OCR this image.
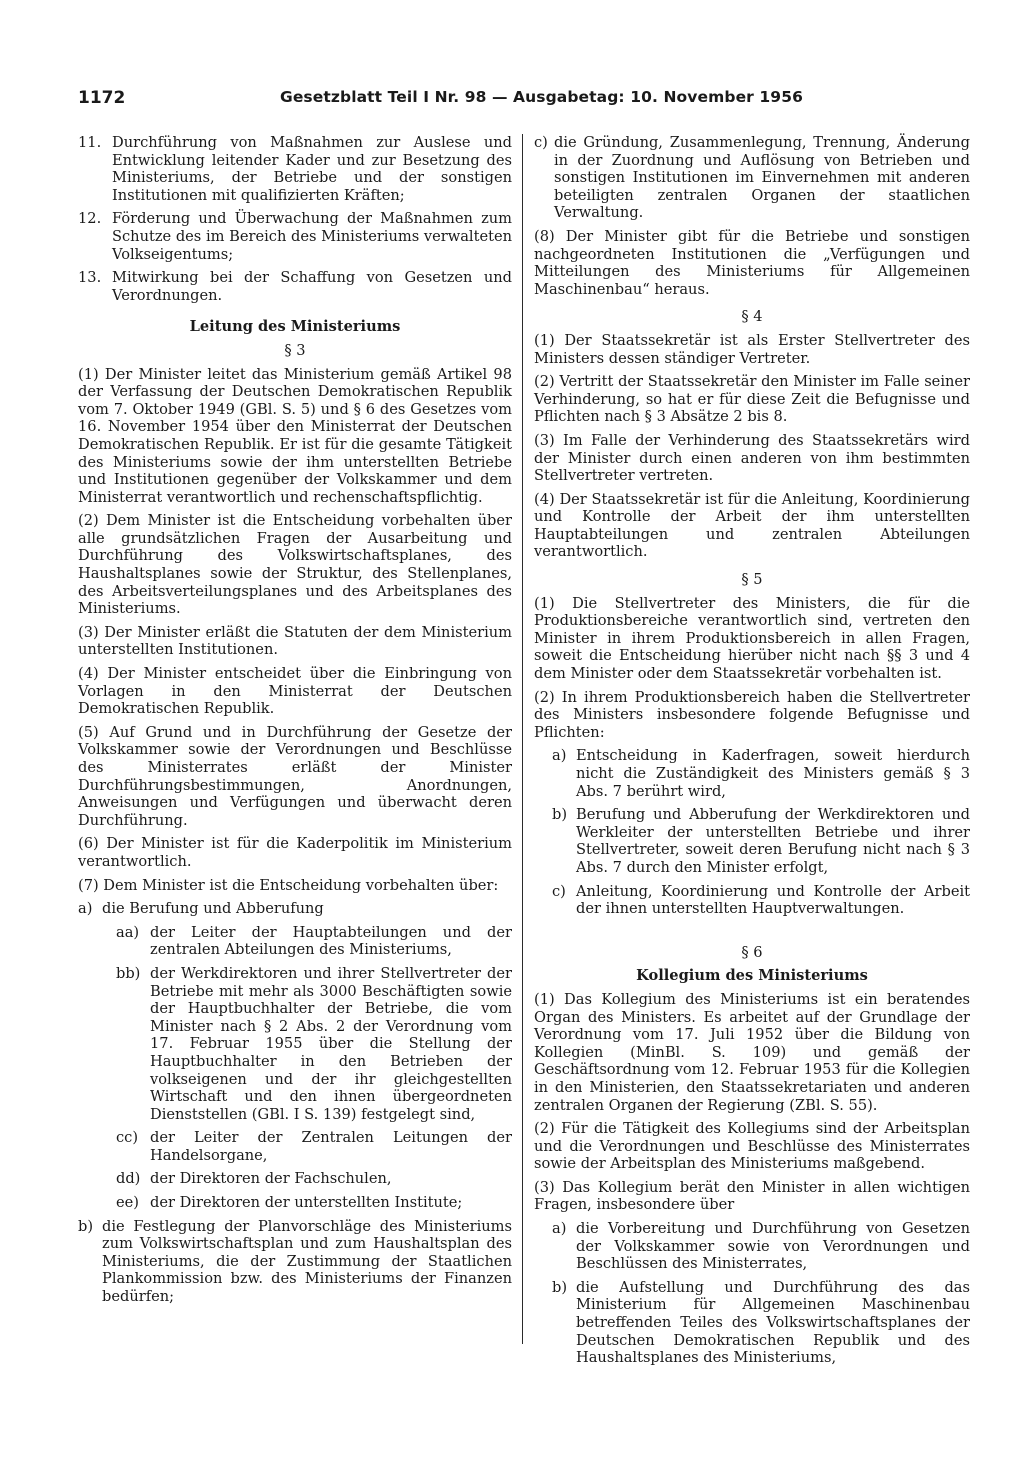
1172	Gesetzblatt Teil I Nr. 98 — Ausgabetag: 10. November 1956
11. Durchführung von Maßnahmen zur Auslese und Entwicklung leitender Kader und zur Besetzung des Ministeriums, der Betriebe und der sonstigen Institutionen mit qualifizierten Kräften;
12. Förderung und Überwachung der Maßnahmen zum Schutze des im Bereich des Ministeriums verwalteten Volkseigentums;
13. Mitwirkung bei der Schaffung von Gesetzen und Verordnungen.
Leitung des Ministeriums
§ 3

(1) Der Minister leitet das Ministerium gemäß Artikel 98 der Verfassung der Deutschen Demokratischen Republik vom 7. Oktober 1949 (GBl. S. 5) und § 6 des Gesetzes vom 16. November 1954 über den Ministerrat der Deutschen Demokratischen Republik. Er ist für die gesamte Tätigkeit des Ministeriums sowie der ihm unterstellten Betriebe und Institutionen gegenüber der Volkskammer und dem Ministerrat verantwortlich und rechenschaftspflichtig.

(2) Dem Minister ist die Entscheidung vorbehalten über alle grundsätzlichen Fragen der Ausarbeitung und Durchführung des Volkswirtschaftsplanes, des Haushaltsplanes sowie der Struktur, des Stellenplanes, des Arbeitsverteilungsplanes und des Arbeitsplanes des Ministeriums.

(3) Der Minister erläßt die Statuten der dem Ministerium unterstellten Institutionen.

(4) Der Minister entscheidet über die Einbringung von Vorlagen in den Ministerrat der Deutschen Demokratischen Republik.

(5) Auf Grund und in Durchführung der Gesetze der Volkskammer sowie der Verordnungen und Beschlüsse des Ministerrates erläßt der Minister Durchführungsbestimmungen, Anordnungen, Anweisungen und Verfügungen und überwacht deren Durchführung.

(6) Der Minister ist für die Kaderpolitik im Ministerium verantwortlich.

(7) Dem Minister ist die Entscheidung vorbehalten über:

a) die Berufung und Abberufung
aa) der Leiter der Hauptabteilungen und der zentralen Abteilungen des Ministeriums,
bb) der Werkdirektoren und ihrer Stellvertreter der Betriebe mit mehr als 3000 Beschäftigten sowie der Hauptbuchhalter der Betriebe, die vom Minister nach § 2 Abs. 2 der Verordnung vom 17. Februar 1955 über die Stellung der Hauptbuchhalter in den Betrieben der volkseigenen und der ihr gleichgestellten Wirtschaft und den ihnen übergeordneten Dienststellen (GBl. I S. 139) festgelegt sind,
cc) der Leiter der Zentralen Leitungen der Handelsorgane,
dd) der Direktoren der Fachschulen,
ee) der Direktoren der unterstellten Institute;
b) die Festlegung der Planvorschläge des Ministeriums zum Volkswirtschaftsplan und zum Haushaltsplan des Ministeriums, die der Zustimmung der Staatlichen Plankommission bzw. des Ministeriums der Finanzen bedürfen;
c) die Gründung, Zusammenlegung, Trennung, Änderung in der Zuordnung und Auflösung von Betrieben und sonstigen Institutionen im Einvernehmen mit anderen beteiligten zentralen Organen der staatlichen Verwaltung.

(8) Der Minister gibt für die Betriebe und sonstigen nachgeordneten Institutionen die „Verfügungen und Mitteilungen des Ministeriums für Allgemeinen Maschinenbau“ heraus.

§ 4

(1) Der Staatssekretär ist als Erster Stellvertreter des Ministers dessen ständiger Vertreter.

(2) Vertritt der Staatssekretär den Minister im Falle seiner Verhinderung, so hat er für diese Zeit die Befugnisse und Pflichten nach § 3 Absätze 2 bis 8.

(3) Im Falle der Verhinderung des Staatssekretärs wird der Minister durch einen anderen von ihm bestimmten Stellvertreter vertreten.

(4) Der Staatssekretär ist für die Anleitung, Koordinierung und Kontrolle der Arbeit der ihm unterstellten Hauptabteilungen und zentralen Abteilungen verantwortlich.

§ 5

(1) Die Stellvertreter des Ministers, die für die Produktionsbereiche verantwortlich sind, vertreten den Minister in ihrem Produktionsbereich in allen Fragen, soweit die Entscheidung hierüber nicht nach §§ 3 und 4 dem Minister oder dem Staatssekretär vorbehalten ist.

(2) In ihrem Produktionsbereich haben die Stellvertreter des Ministers insbesondere folgende Befugnisse und Pflichten:

a) Entscheidung in Kaderfragen, soweit hierdurch nicht die Zuständigkeit des Ministers gemäß § 3 Abs. 7 berührt wird,
b) Berufung und Abberufung der Werkdirektoren und Werkleiter der unterstellten Betriebe und ihrer Stellvertreter, soweit deren Berufung nicht nach § 3 Abs. 7 durch den Minister erfolgt,
c) Anleitung, Koordinierung und Kontrolle der Arbeit der ihnen unterstellten Hauptverwaltungen.
§ 6
Kollegium des Ministeriums

(1) Das Kollegium des Ministeriums ist ein beratendes Organ des Ministers. Es arbeitet auf der Grundlage der Verordnung vom 17. Juli 1952 über die Bildung von Kollegien (MinBl. S. 109) und gemäß der Geschäftsordnung vom 12. Februar 1953 für die Kollegien in den Ministerien, den Staatssekretariaten und anderen zentralen Organen der Regierung (ZBl. S. 55).

(2) Für die Tätigkeit des Kollegiums sind der Arbeitsplan und die Verordnungen und Beschlüsse des Ministerrates sowie der Arbeitsplan des Ministeriums maßgebend.

(3) Das Kollegium berät den Minister in allen wichtigen Fragen, insbesondere über

a) die Vorbereitung und Durchführung von Gesetzen der Volkskammer sowie von Verordnungen und Beschlüssen des Ministerrates,
b) die Aufstellung und Durchführung des das Ministerium für Allgemeinen Maschinenbau betreffenden Teiles des Volkswirtschaftsplanes der Deutschen Demokratischen Republik und des Haushaltsplanes des Ministeriums,
